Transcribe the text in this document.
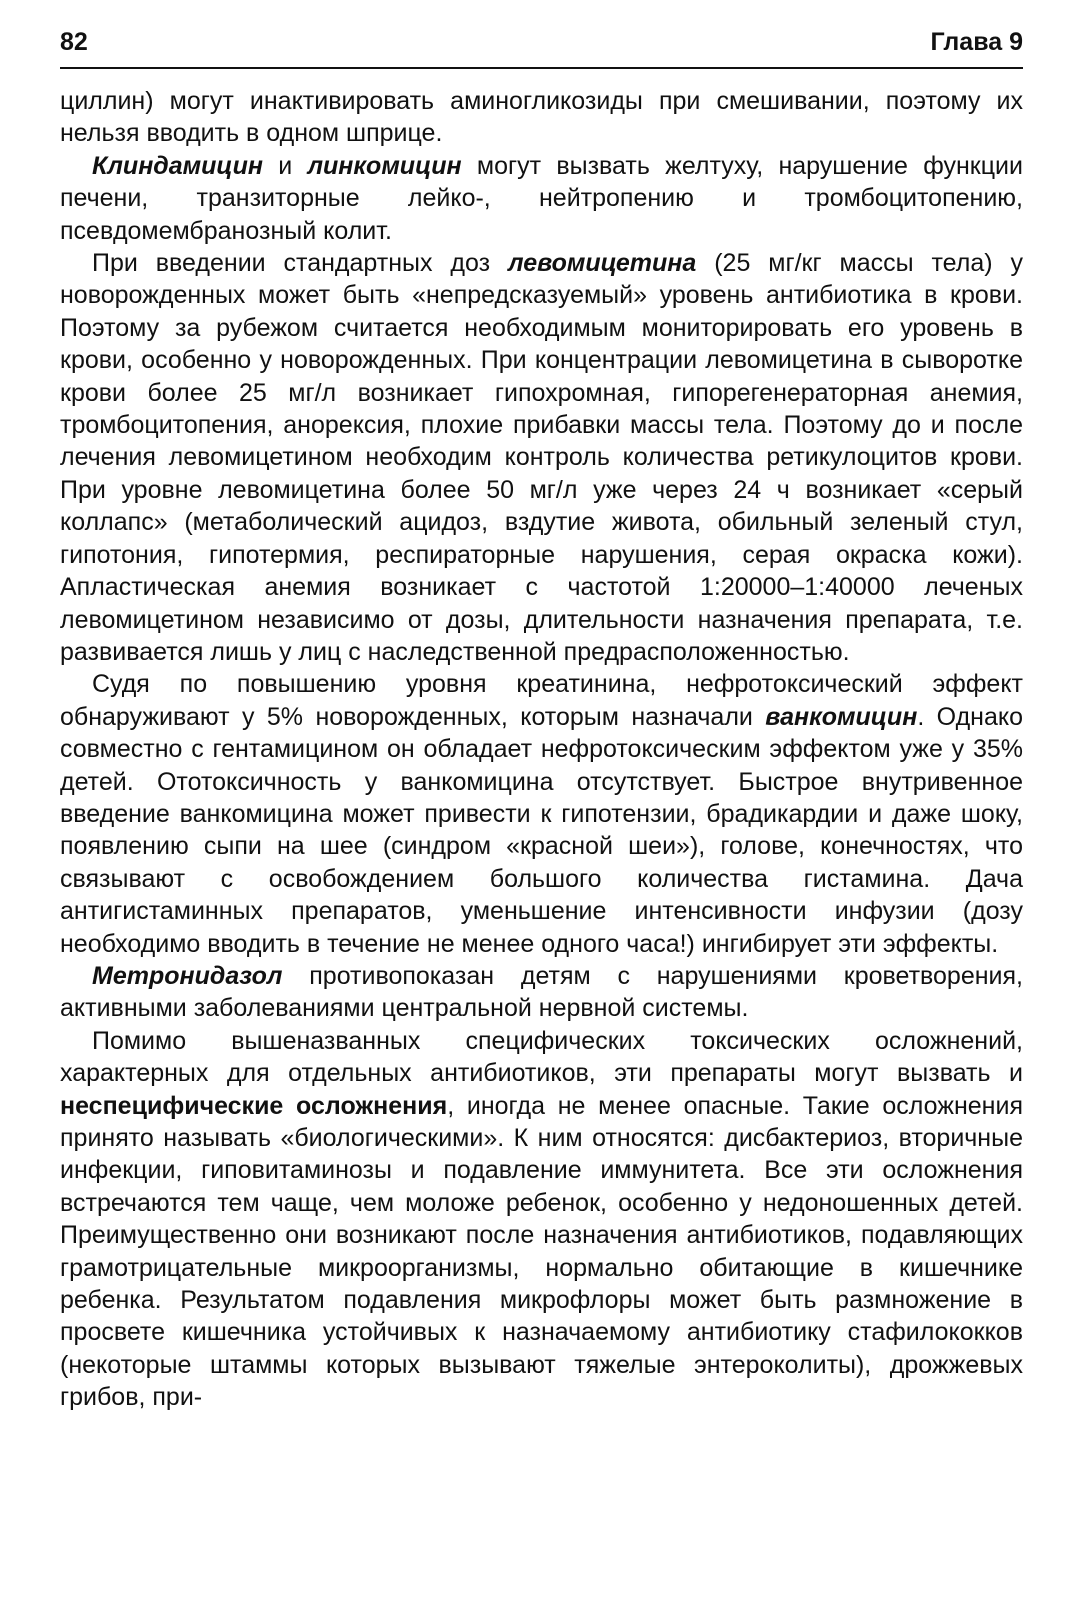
82	Глава 9

циллин) могут инактивировать аминогликозиды при смешивании, поэтому их нельзя вводить в одном шприце.

Клиндамицин и линкомицин могут вызвать желтуху, нарушение функции печени, транзиторные лейко-, нейтропению и тромбоцитопению, псевдомембранозный колит.

При введении стандартных доз левомицетина (25 мг/кг массы тела) у новорожденных может быть «непредсказуемый» уровень антибиотика в крови. Поэтому за рубежом считается необходимым мониторировать его уровень в крови, особенно у новорожденных. При концентрации левомицетина в сыворотке крови более 25 мг/л возникает гипохромная, гипорегенераторная анемия, тромбоцитопения, анорексия, плохие прибавки массы тела. Поэтому до и после лечения левомицетином необходим контроль количества ретикулоцитов крови. При уровне левомицетина более 50 мг/л уже через 24 ч возникает «серый коллапс» (метаболический ацидоз, вздутие живота, обильный зеленый стул, гипотония, гипотермия, респираторные нарушения, серая окраска кожи). Апластическая анемия возникает с частотой 1:20000–1:40000 леченых левомицетином независимо от дозы, длительности назначения препарата, т.е. развивается лишь у лиц с наследственной предрасположенностью.

Судя по повышению уровня креатинина, нефротоксический эффект обнаруживают у 5% новорожденных, которым назначали ванкомицин. Однако совместно с гентамицином он обладает нефротоксическим эффектом уже у 35% детей. Ототоксичность у ванкомицина отсутствует. Быстрое внутривенное введение ванкомицина может привести к гипотензии, брадикардии и даже шоку, появлению сыпи на шее (синдром «красной шеи»), голове, конечностях, что связывают с освобождением большого количества гистамина. Дача антигистаминных препаратов, уменьшение интенсивности инфузии (дозу необходимо вводить в течение не менее одного часа!) ингибирует эти эффекты.

Метронидазол противопоказан детям с нарушениями кроветворения, активными заболеваниями центральной нервной системы.

Помимо вышеназванных специфических токсических осложнений, характерных для отдельных антибиотиков, эти препараты могут вызвать и неспецифические осложнения, иногда не менее опасные. Такие осложнения принято называть «биологическими». К ним относятся: дисбактериоз, вторичные инфекции, гиповитаминозы и подавление иммунитета. Все эти осложнения встречаются тем чаще, чем моложе ребенок, особенно у недоношенных детей. Преимущественно они возникают после назначения антибиотиков, подавляющих грамотрицательные микроорганизмы, нормально обитающие в кишечнике ребенка. Результатом подавления микрофлоры может быть размножение в просвете кишечника устойчивых к назначаемому антибиотику стафилококков (некоторые штаммы которых вызывают тяжелые энтероколиты), дрожжевых грибов, при-
